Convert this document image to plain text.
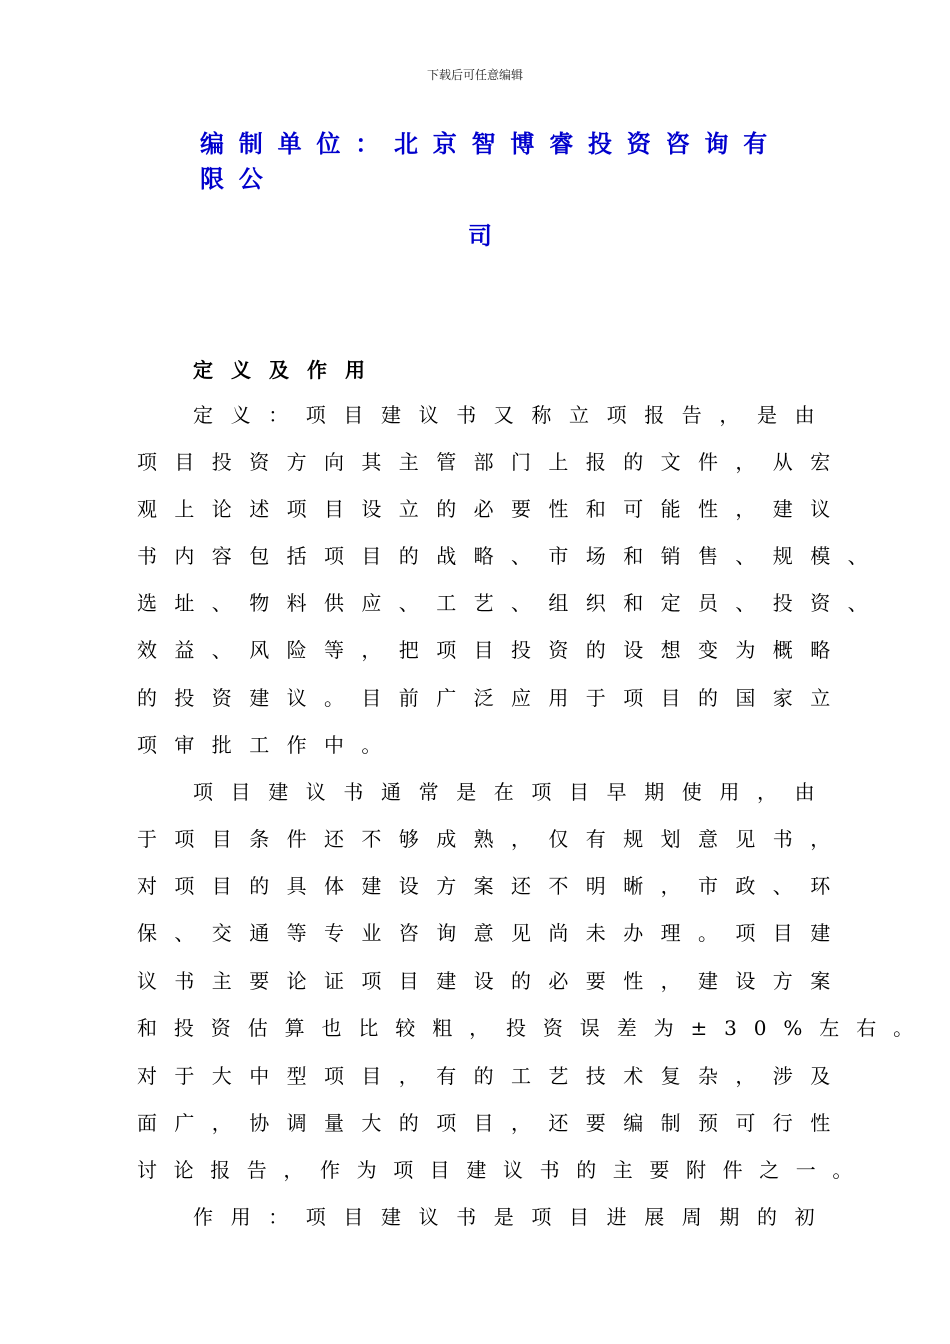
下载后可任意编辑
编制单位：北京智博睿投资咨询有限公
司
定义及作用
定义：项目建议书又称立项报告，是由
项目投资方向其主管部门上报的文件，从宏
观上论述项目设立的必要性和可能性，建议
书内容包括项目的战略、市场和销售、规模、
选址、物料供应、工艺、组织和定员、投资、
效益、风险等，把项目投资的设想变为概略
的投资建议。目前广泛应用于项目的国家立
项审批工作中。
项目建议书通常是在项目早期使用，由
于项目条件还不够成熟，仅有规划意见书，
对项目的具体建设方案还不明晰，市政、环
保、交通等专业咨询意见尚未办理。项目建
议书主要论证项目建设的必要性，建设方案
和投资估算也比较粗，投资误差为±30%左右。
对于大中型项目，有的工艺技术复杂，涉及
面广，协调量大的项目，还要编制预可行性
讨论报告，作为项目建议书的主要附件之一。
作用：项目建议书是项目进展周期的初
